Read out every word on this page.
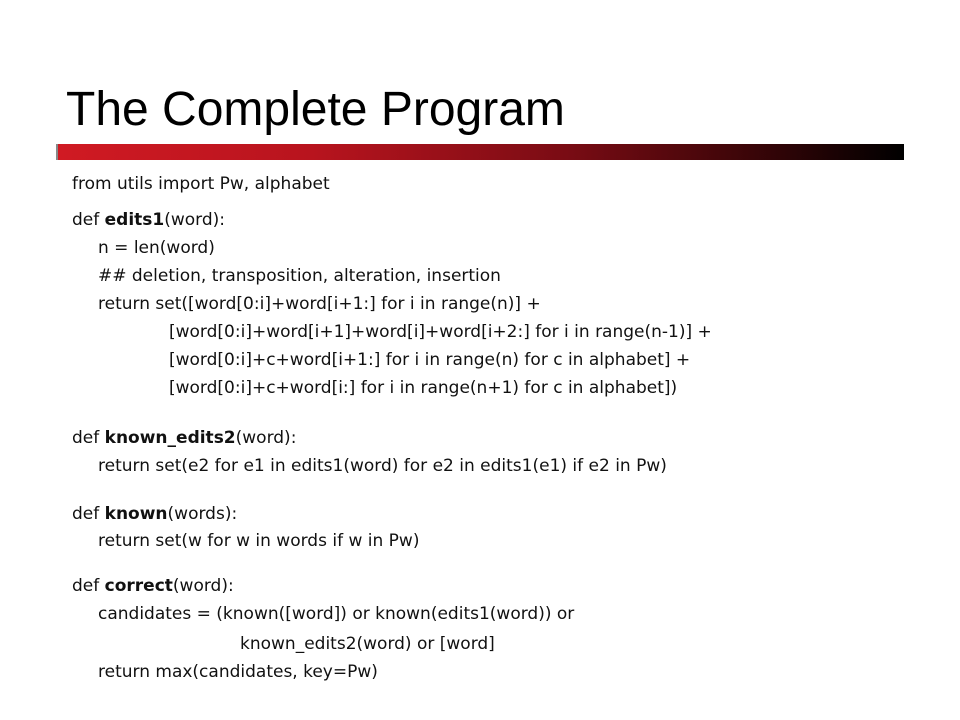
The Complete Program
from utils import Pw, alphabet
def edits1(word):
n = len(word)
## deletion, transposition, alteration, insertion
return set([word[0:i]+word[i+1:] for i in range(n)] +
[word[0:i]+word[i+1]+word[i]+word[i+2:] for i in range(n-1)] +
[word[0:i]+c+word[i+1:] for i in range(n) for c in alphabet] +
[word[0:i]+c+word[i:] for i in range(n+1) for c in alphabet])
def known_edits2(word):
return set(e2 for e1 in edits1(word) for e2 in edits1(e1) if e2 in Pw)
def known(words):
return set(w for w in words if w in Pw)
def correct(word):
candidates = (known([word]) or known(edits1(word)) or
known_edits2(word) or [word]
return max(candidates, key=Pw)
